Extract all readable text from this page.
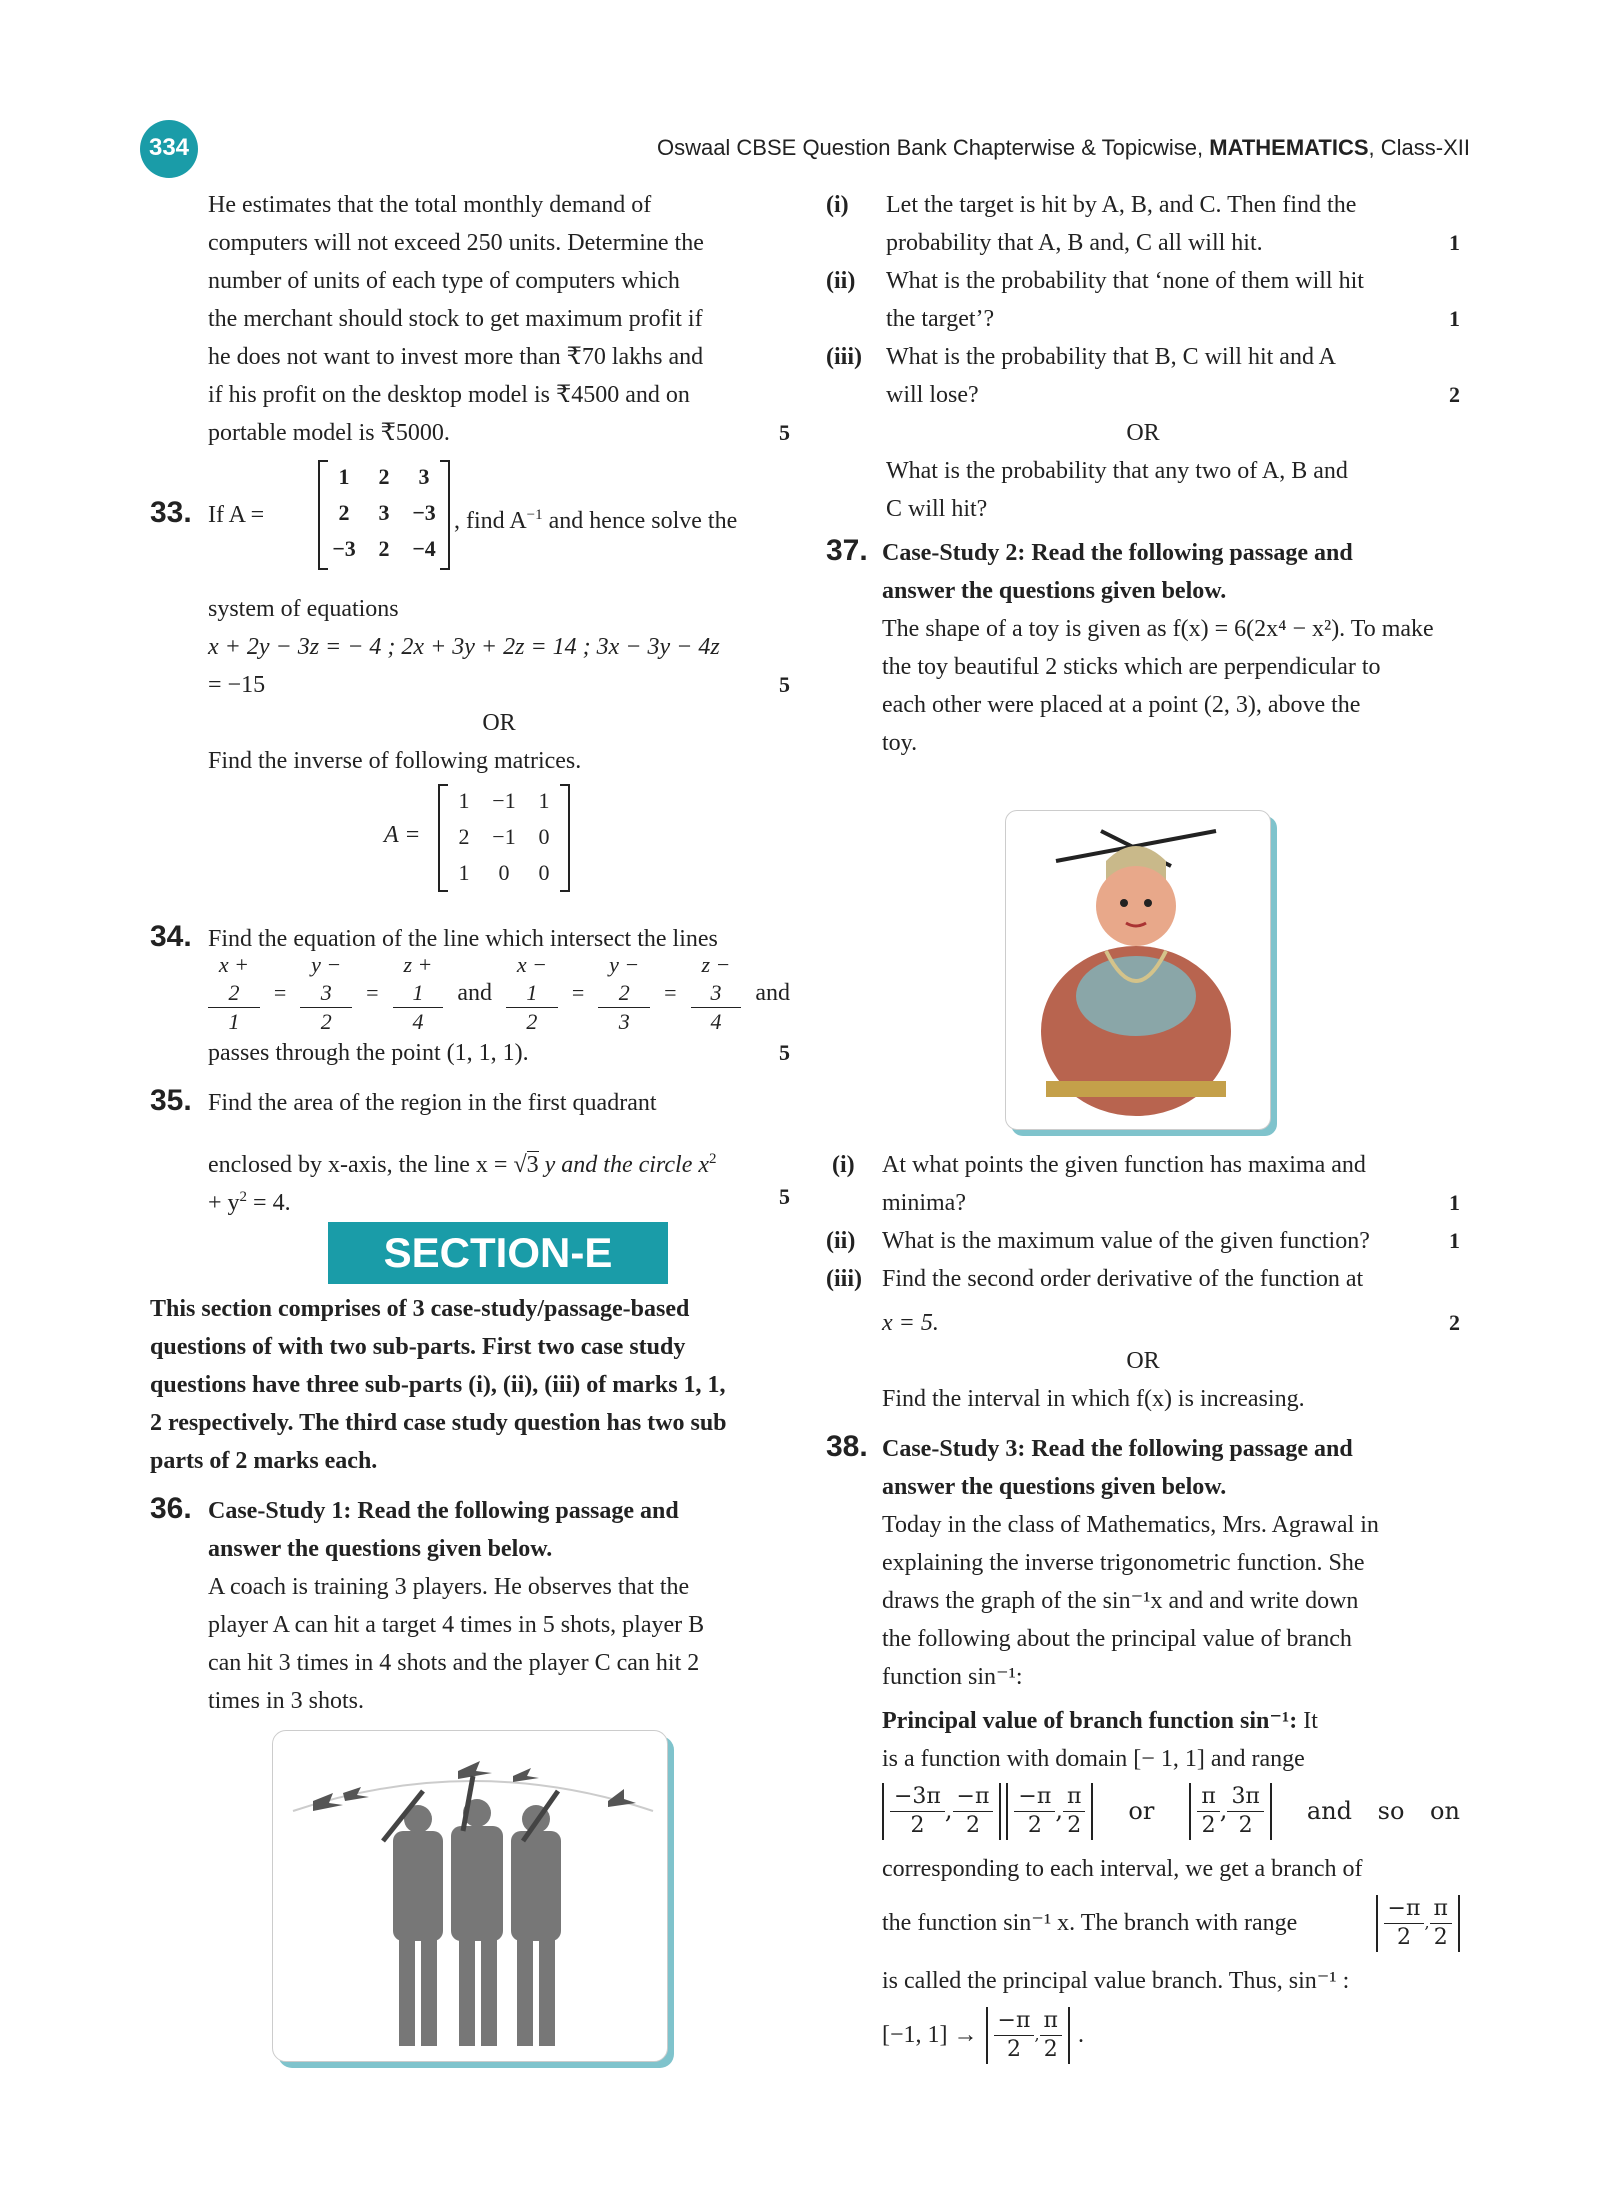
334	Oswaal CBSE Question Bank Chapterwise & Topicwise, MATHEMATICS, Class-XII
He estimates that the total monthly demand of
computers will not exceed 250 units. Determine the
number of units of each type of computers which
the merchant should stock to get maximum profit if
he does not want to invest more than ₹70 lakhs and
if his profit on the desktop model is ₹4500 and on
portable model is ₹5000.	5
33. If A =
1	2	3
2	3	−3
−3	2	−4
, find $A^{-1}$ and hence solve the
system of equations
x + 2y − 3z = − 4 ; 2x + 3y + 2z = 14 ; 3x − 3y − 4z
= −15	5
OR
Find the inverse of following matrices.
A =
1	−1	1
2	−1	0
1	0	0
34. Find the equation of the line which intersect the lines
$\frac{x + 2}{1} = \frac{y - 3}{2} = \frac{z + 1}{4}$ and $\frac{x - 1}{2} = \frac{y - 2}{3} = \frac{z - 3}{4}$ and
passes through the point (1, 1, 1).	5
35. Find the area of the region in the first quadrant
enclosed by x-axis, the line x = √3 y and the circle $x^2$
+ $y^2 = 4$.	5
SECTION-E
This section comprises of 3 case-study/passage-based
questions of with two sub-parts. First two case study
questions have three sub-parts (i), (ii), (iii) of marks 1, 1,
2 respectively. The third case study question has two sub
parts of 2 marks each.
36. Case-Study 1: Read the following passage and
answer the questions given below.
A coach is training 3 players. He observes that the
player A can hit a target 4 times in 5 shots, player B
can hit 3 times in 4 shots and the player C can hit 2
times in 3 shots.
(i) Let the target is hit by A, B, and C. Then find the
probability that A, B and, C all will hit.	1
(ii) What is the probability that ‘none of them will hit
the target’?	1
(iii) What is the probability that B, C will hit and A
will lose?	2
OR
What is the probability that any two of A, B and
C will hit?
37. Case-Study 2: Read the following passage and
answer the questions given below.
The shape of a toy is given as f(x) = 6(2x⁴ − x²). To make
the toy beautiful 2 sticks which are perpendicular to
each other were placed at a point (2, 3), above the
toy.
(i) At what points the given function has maxima and
minima?	1
(ii) What is the maximum value of the given function?	1
(iii) Find the second order derivative of the function at
x = 5.	2
OR
Find the interval in which f(x) is increasing.
38. Case-Study 3: Read the following passage and
answer the questions given below.
Today in the class of Mathematics, Mrs. Agrawal in
explaining the inverse trigonometric function. She
draws the graph of the sin⁻¹x and and write down
the following about the principal value of branch
function sin⁻¹:
Principal value of branch function sin⁻¹: It
is a function with domain [− 1, 1] and range
$\frac{-3\pi}{2}$ , $\frac{-\pi}{2} \frac{-\pi}{2}$ , $\frac{\pi}{2}$ or $\frac{\pi}{2}$ , $\frac{3\pi}{2}$ and so on
corresponding to each interval, we get a branch of
the function sin⁻¹ x. The branch with range	$\frac{-\pi}{2}$ , $\frac{\pi}{2}$
is called the principal value branch. Thus, sin⁻¹ :
[−1, $1] \to \frac{-\pi}{2}$ , $\frac{\pi}{2}$ .
